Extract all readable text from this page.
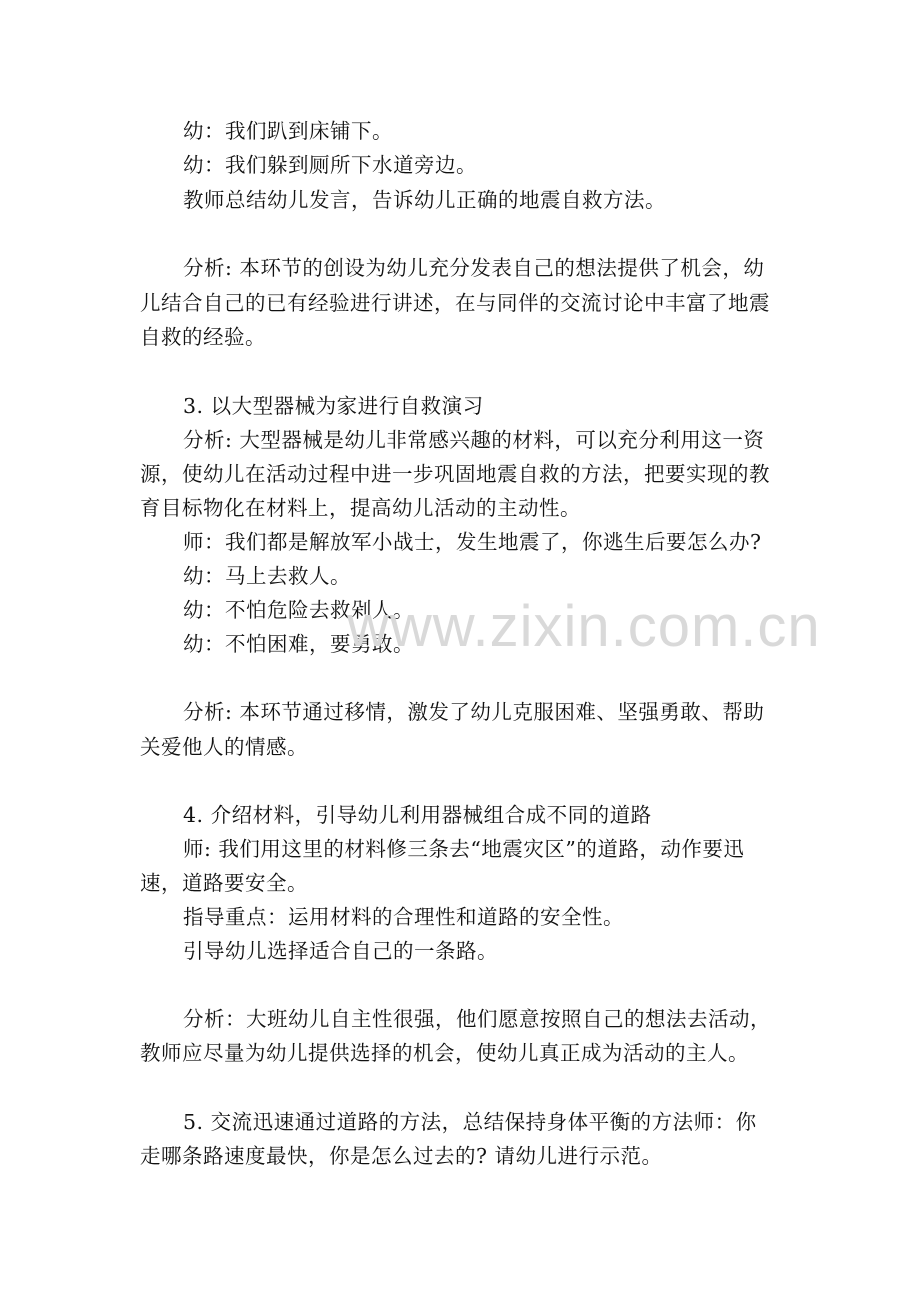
幼：我们趴到床铺下。
幼：我们躲到厕所下水道旁边。
教师总结幼儿发言，告诉幼儿正确的地震自救方法。
分析: 本环节的创设为幼儿充分发表自己的想法提供了机会，幼
儿结合自己的已有经验进行讲述，在与同伴的交流讨论中丰富了地震
自救的经验。
3. 以大型器械为家进行自救演习
分析: 大型器械是幼儿非常感兴趣的材料，可以充分利用这一资
源，使幼儿在活动过程中进一步巩固地震自救的方法，把要实现的教
育目标物化在材料上，提高幼儿活动的主动性。
师：我们都是解放军小战士，发生地震了，你逃生后要怎么办?
幼：马上去救人。
幼：不怕危险去救剁人。
幼：不怕困难，要勇敢。
分析: 本环节通过移情，激发了幼儿克服困难、坚强勇敢、帮助
关爱他人的情感。
4. 介绍材料，引导幼儿利用器械组合成不同的道路
师: 我们用这里的材料修三条去“地震灾区”的道路，动作要迅
速，道路要安全。
指导重点：运用材料的合理性和道路的安全性。
引导幼儿选择适合自己的一条路。
分析：大班幼儿自主性很强，他们愿意按照自己的想法去活动，
教师应尽量为幼儿提供选择的机会，使幼儿真正成为活动的主人。
5. 交流迅速通过道路的方法，总结保持身体平衡的方法师：你
走哪条路速度最快，你是怎么过去的? 请幼儿进行示范。
www.zixin.com.cn
